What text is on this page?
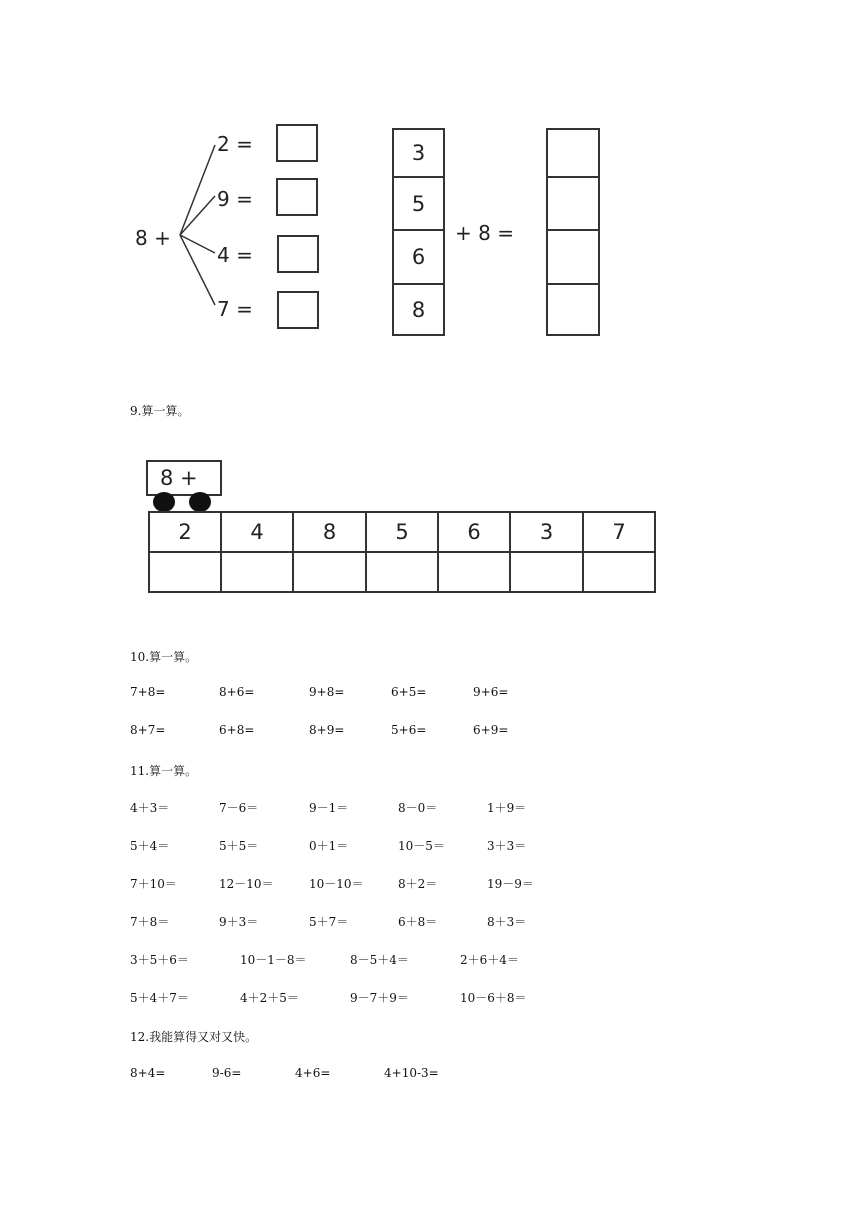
8 +
2 =
9 =
4 =
7 =
3
5
6
8
+ 8 =
9.算一算。
8 +
2	4	8	5	6	3	7
10.算一算。
7+8=	8+6=	9+8=	6+5=	9+6=
8+7=	6+8=	8+9=	5+6=	6+9=
11.算一算。
4＋3＝	7－6＝	9－1＝	8－0＝	1＋9＝
5＋4＝	5＋5＝	0＋1＝	10－5＝	3＋3＝
7＋10＝	12－10＝	10－10＝	8＋2＝	19－9＝
7＋8＝	9＋3＝	5＋7＝	6＋8＝	8＋3＝
3＋5＋6＝	10－1－8＝	8－5＋4＝	2＋6＋4＝
5＋4＋7＝	4＋2＋5＝	9－7＋9＝	10－6＋8＝
12.我能算得又对又快。
8+4=	9-6=	4+6=	4+10-3=
